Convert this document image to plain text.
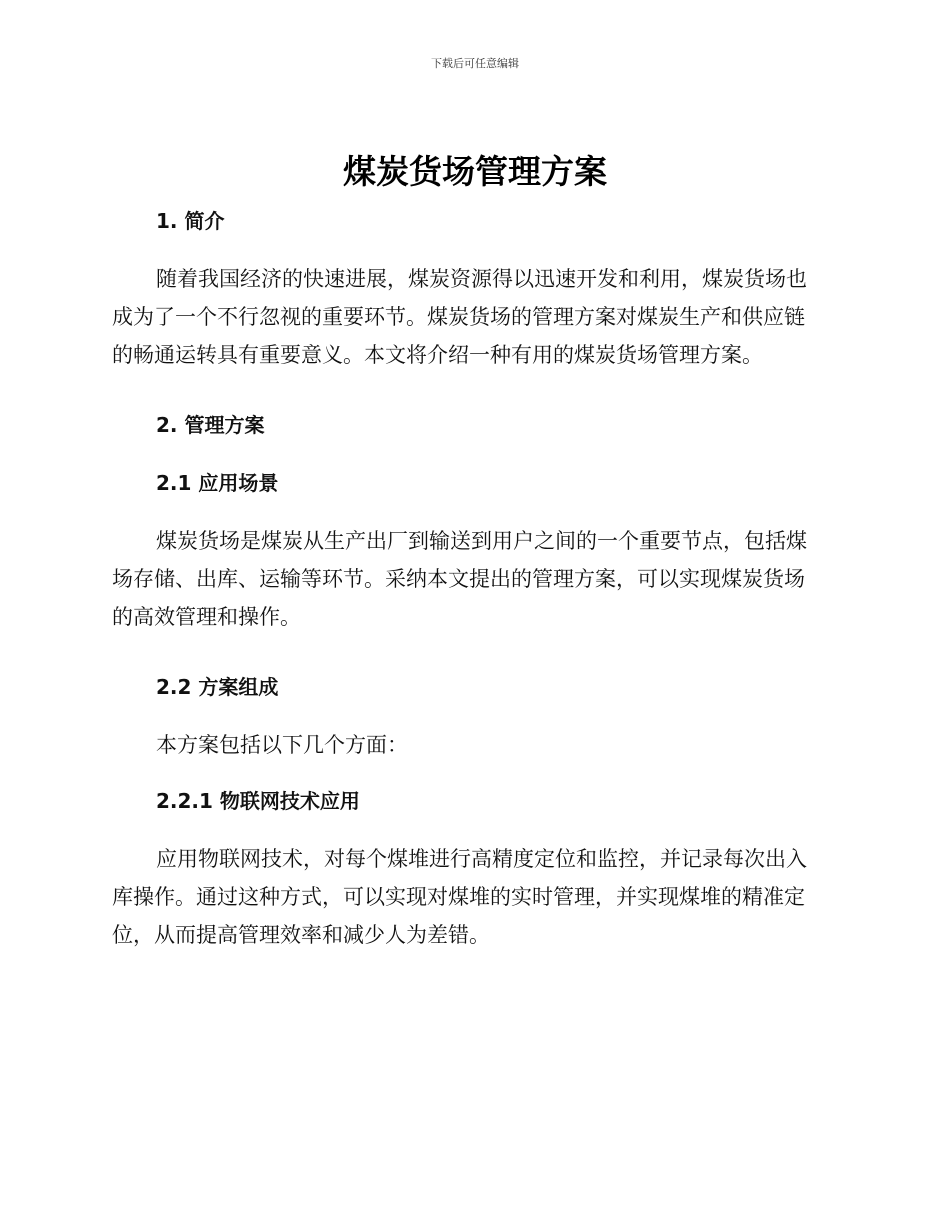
下载后可任意编辑
煤炭货场管理方案
1. 简介
随着我国经济的快速进展，煤炭资源得以迅速开发和利用，煤炭货场也
成为了一个不行忽视的重要环节。煤炭货场的管理方案对煤炭生产和供应链
的畅通运转具有重要意义。本文将介绍一种有用的煤炭货场管理方案。
2. 管理方案
2.1 应用场景
煤炭货场是煤炭从生产出厂到输送到用户之间的一个重要节点，包括煤
场存储、出库、运输等环节。采纳本文提出的管理方案，可以实现煤炭货场
的高效管理和操作。
2.2 方案组成
本方案包括以下几个方面：
2.2.1 物联网技术应用
应用物联网技术，对每个煤堆进行高精度定位和监控，并记录每次出入
库操作。通过这种方式，可以实现对煤堆的实时管理，并实现煤堆的精准定
位，从而提高管理效率和减少人为差错。
